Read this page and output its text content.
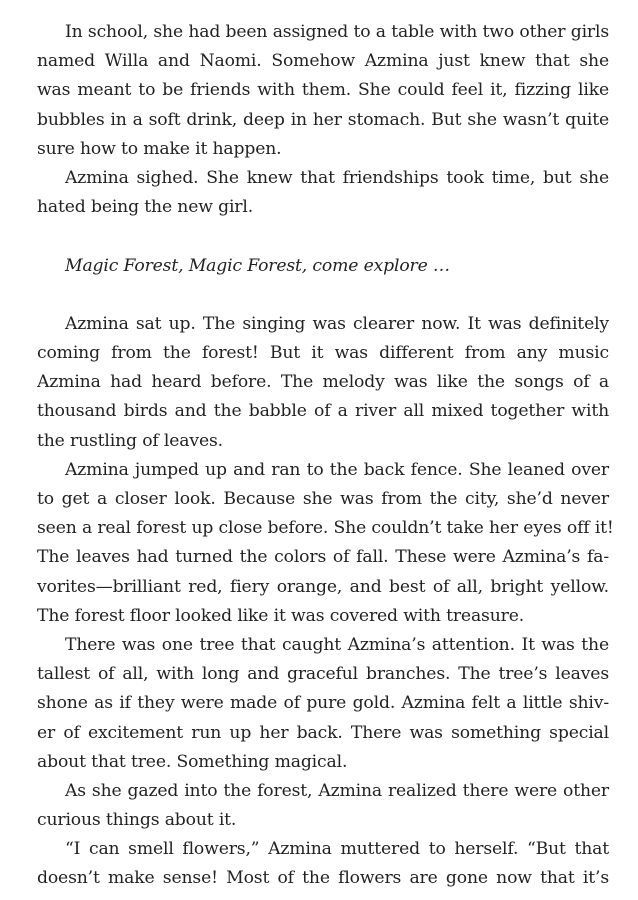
In school, she had been assigned to a table with two other girls
named Willa and Naomi. Somehow Azmina just knew that she
was meant to be friends with them. She could feel it, fizzing like
bubbles in a soft drink, deep in her stomach. But she wasn’t quite
sure how to make it happen.
Azmina sighed. She knew that friendships took time, but she
hated being the new girl.
Magic Forest, Magic Forest, come explore …
Azmina sat up. The singing was clearer now. It was definitely
coming from the forest! But it was different from any music
Azmina had heard before. The melody was like the songs of a
thousand birds and the babble of a river all mixed together with
the rustling of leaves.
Azmina jumped up and ran to the back fence. She leaned over
to get a closer look. Because she was from the city, she’d never
seen a real forest up close before. She couldn’t take her eyes off it!
The leaves had turned the colors of fall. These were Azmina’s fa-
vorites—brilliant red, fiery orange, and best of all, bright yellow.
The forest floor looked like it was covered with treasure.
There was one tree that caught Azmina’s attention. It was the
tallest of all, with long and graceful branches. The tree’s leaves
shone as if they were made of pure gold. Azmina felt a little shiv-
er of excitement run up her back. There was something special
about that tree. Something magical.
As she gazed into the forest, Azmina realized there were other
curious things about it.
“I can smell flowers,” Azmina muttered to herself. “But that
doesn’t make sense! Most of the flowers are gone now that it’s
